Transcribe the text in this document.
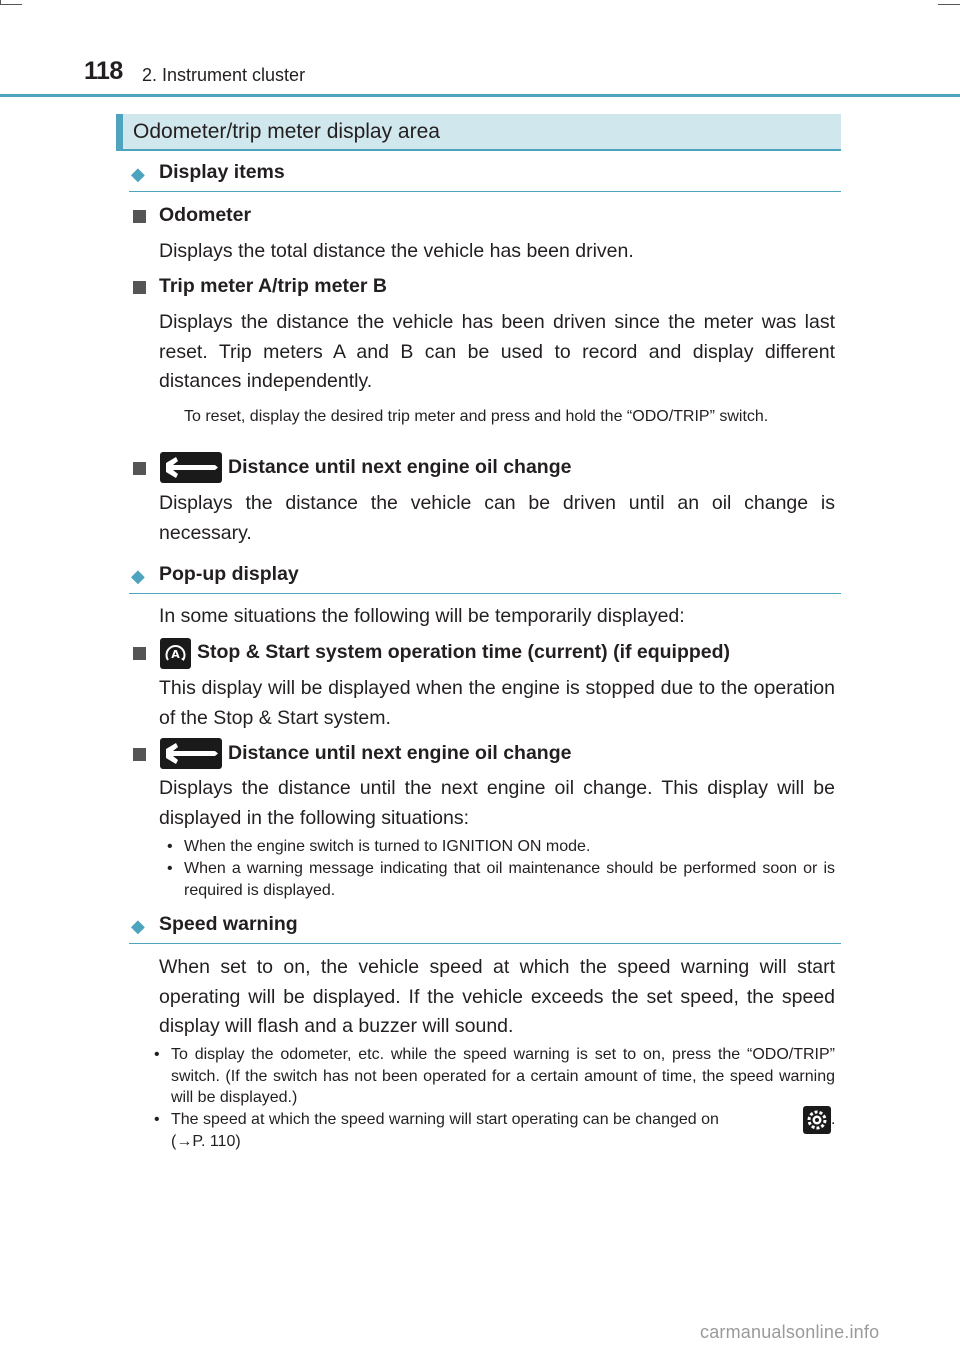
118 2. Instrument cluster
Odometer/trip meter display area
◆ Display items
Odometer
Displays the total distance the vehicle has been driven.
Trip meter A/trip meter B
Displays the distance the vehicle has been driven since the meter was last reset. Trip meters A and B can be used to record and display different distances independently.
To reset, display the desired trip meter and press and hold the “ODO/TRIP” switch.
Distance until next engine oil change
Displays the distance the vehicle can be driven until an oil change is necessary.
◆ Pop-up display
In some situations the following will be temporarily displayed:
Stop & Start system operation time (current) (if equipped)
A
This display will be displayed when the engine is stopped due to the operation of the Stop & Start system.
Distance until next engine oil change
Displays the distance until the next engine oil change. This display will be displayed in the following situations:
• When the engine switch is turned to IGNITION ON mode.
• When a warning message indicating that oil maintenance should be performed soon or is required is displayed.
◆ Speed warning
When set to on, the vehicle speed at which the speed warning will start operating will be displayed. If the vehicle exceeds the set speed, the speed display will flash and a buzzer will sound.
• To display the odometer, etc. while the speed warning is set to on, press the “ODO/TRIP” switch. (If the switch has not been operated for a certain amount of time, the speed warning will be displayed.)
• The speed at which the speed warning will start operating can be changed on	.
(→P. 110)
carmanualsonline.info
